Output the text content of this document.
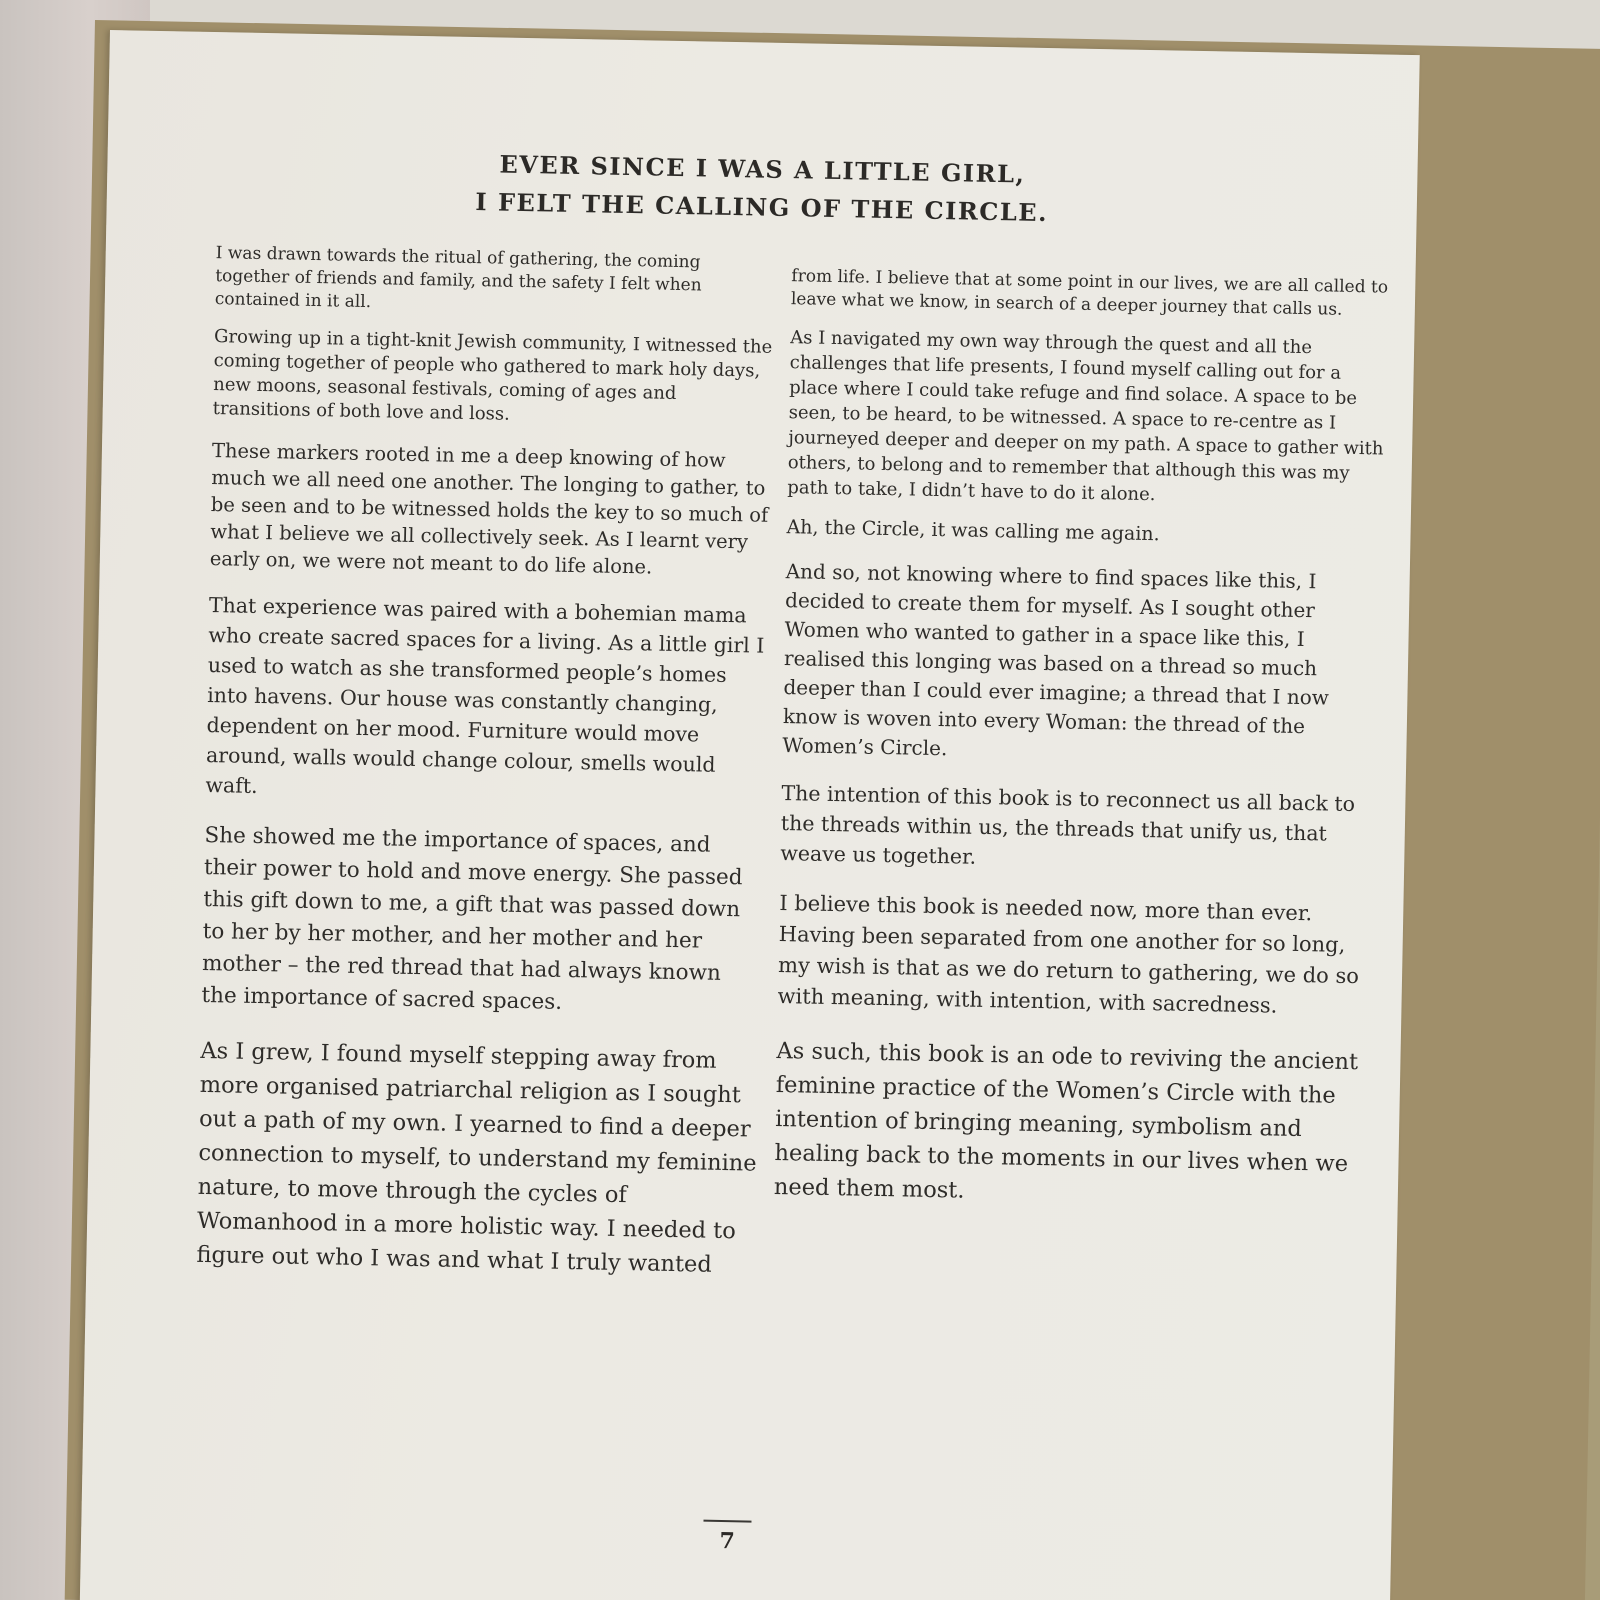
EVER SINCE I WAS A LITTLE GIRL,
I FELT THE CALLING OF THE CIRCLE.

I was drawn towards the ritual of gathering, the coming together of friends and family, and the safety I felt when contained in it all.

Growing up in a tight-knit Jewish community, I witnessed the coming together of people who gathered to mark holy days, new moons, seasonal festivals, coming of ages and transitions of both love and loss.

These markers rooted in me a deep knowing of how much we all need one another. The longing to gather, to be seen and to be witnessed holds the key to so much of what I believe we all collectively seek. As I learnt very early on, we were not meant to do life alone.

That experience was paired with a bohemian mama who create sacred spaces for a living. As a little girl I used to watch as she transformed people’s homes into havens. Our house was constantly changing, dependent on her mood. Furniture would move around, walls would change colour, smells would waft.

She showed me the importance of spaces, and their power to hold and move energy. She passed this gift down to me, a gift that was passed down to her by her mother, and her mother and her mother – the red thread that had always known the importance of sacred spaces.

As I grew, I found myself stepping away from more organised patriarchal religion as I sought out a path of my own. I yearned to find a deeper connection to myself, to understand my feminine nature, to move through the cycles of Womanhood in a more holistic way. I needed to figure out who I was and what I truly wanted

from life. I believe that at some point in our lives, we are all called to leave what we know, in search of a deeper journey that calls us.

As I navigated my own way through the quest and all the challenges that life presents, I found myself calling out for a place where I could take refuge and find solace. A space to be seen, to be heard, to be witnessed. A space to re-centre as I journeyed deeper and deeper on my path. A space to gather with others, to belong and to remember that although this was my path to take, I didn’t have to do it alone.

Ah, the Circle, it was calling me again.

And so, not knowing where to find spaces like this, I decided to create them for myself. As I sought other Women who wanted to gather in a space like this, I realised this longing was based on a thread so much deeper than I could ever imagine; a thread that I now know is woven into every Woman: the thread of the Women’s Circle.

The intention of this book is to reconnect us all back to the threads within us, the threads that unify us, that weave us together.

I believe this book is needed now, more than ever. Having been separated from one another for so long, my wish is that as we do return to gathering, we do so with meaning, with intention, with sacredness.

As such, this book is an ode to reviving the ancient feminine practice of the Women’s Circle with the intention of bringing meaning, symbolism and healing back to the moments in our lives when we need them most.

7
